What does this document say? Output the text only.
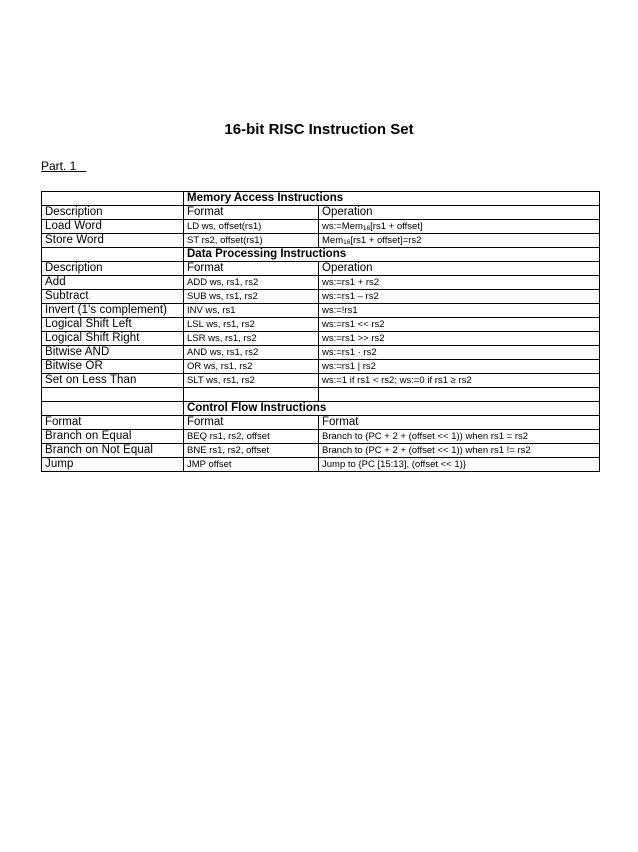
16-bit RISC Instruction Set
Part. 1
	Memory Access Instructions	
Description	Format	Operation
Load Word	LD ws, offset(rs1)	ws:=Mem$_{16}$[rs1 + offset]
Store Word	ST rs2, offset(rs1)	Mem$_{16}$[rs1 + offset]=rs2
	Data Processing Instructions	
Description	Format	Operation
Add	ADD ws, rs1, rs2	ws:=rs1 + rs2
Subtract	SUB ws, rs1, rs2	ws:=rs1 – rs2
Invert (1's complement)	INV ws, rs1	ws:=!rs1
Logical Shift Left	LSL ws, rs1, rs2	ws:=rs1 << rs2
Logical Shift Right	LSR ws, rs1, rs2	ws:=rs1 >> rs2
Bitwise AND	AND ws, rs1, rs2	ws:=rs1 · rs2
Bitwise OR	OR ws, rs1, rs2	ws:=rs1 | rs2
Set on Less Than	SLT ws, rs1, rs2	ws:=1 if rs1 < rs2; ws:=0 if rs1 ≥ rs2

	Control Flow Instructions	
Format	Format	Format
Branch on Equal	BEQ rs1, rs2, offset	Branch to (PC + 2 + (offset << 1)) when rs1 = rs2
Branch on Not Equal	BNE rs1, rs2, offset	Branch to (PC + 2 + (offset << 1)) when rs1 != rs2
Jump	JMP offset	Jump to {PC [15:13], (offset << 1)}
